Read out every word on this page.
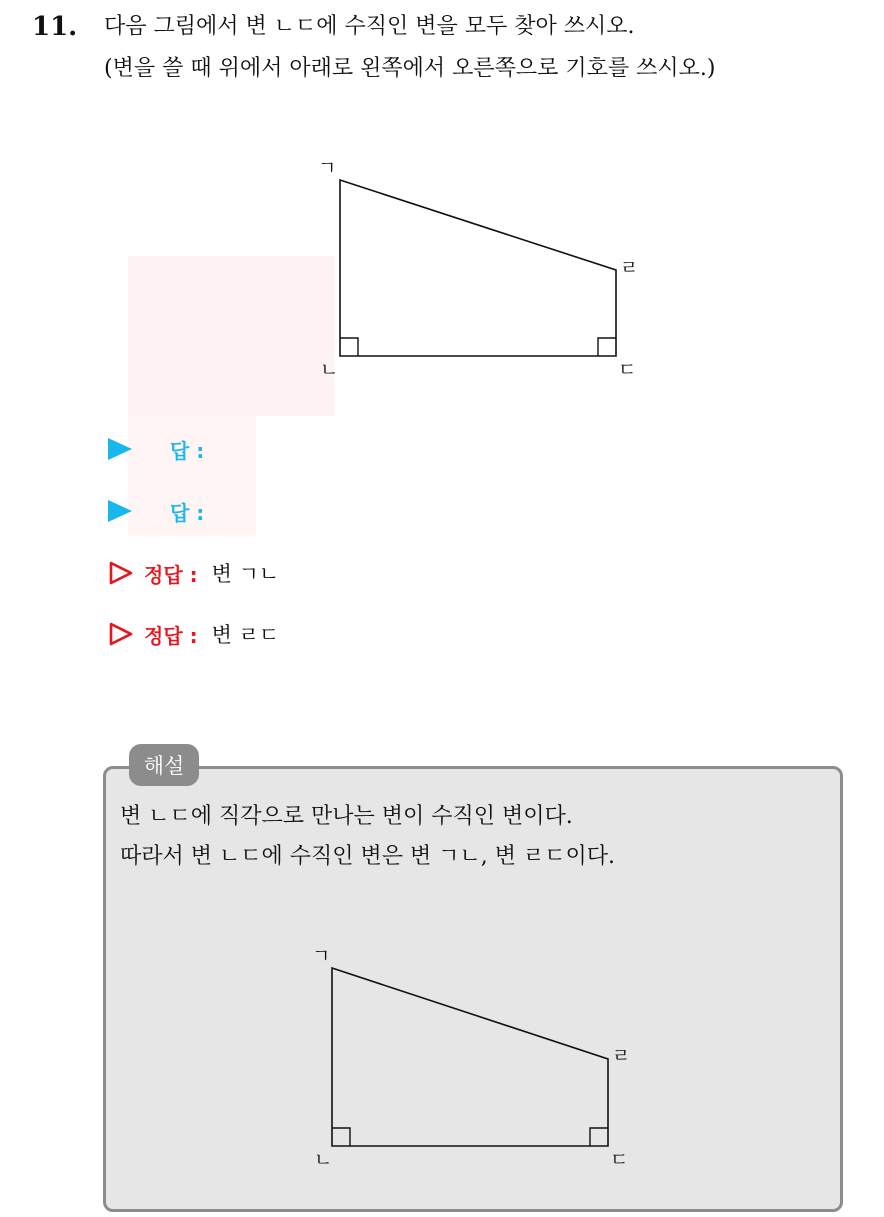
11. 다음 그림에서 변 ㄴㄷ에 수직인 변을 모두 찾아 쓰시오.
(변을 쓸 때 위에서 아래로 왼쪽에서 오른쪽으로 기호를 쓰시오.)
ㄱ
ㄹ
ㄴ	ㄷ
답 :
답 :
정답 : 변 ㄱㄴ
정답 : 변 ㄹㄷ
해설
변 ㄴㄷ에 직각으로 만나는 변이 수직인 변이다.
따라서 변 ㄴㄷ에 수직인 변은 변 ㄱㄴ, 변 ㄹㄷ이다.
ㄱ
ㄹ
ㄴ	ㄷ
